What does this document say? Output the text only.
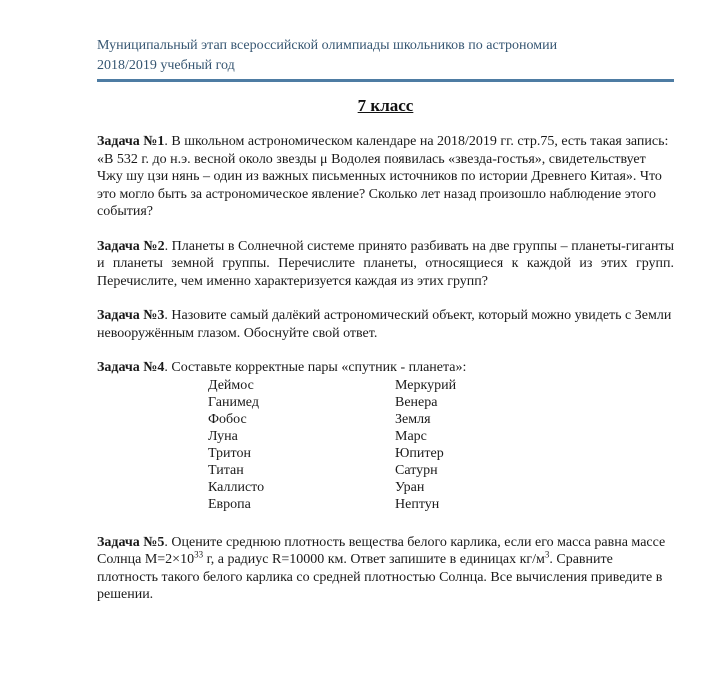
Муниципальный этап всероссийской олимпиады школьников по астрономии
2018/2019 учебный год
7 класс

Задача №1. В школьном астрономическом календаре на 2018/2019 гг. стр.75, есть такая запись: «В 532 г. до н.э. весной около звезды μ Водолея появилась «звезда-гостья», свидетельствует Чжу шу цзи нянь – один из важных письменных источников по истории Древнего Китая». Что это могло быть за астрономическое явление? Сколько лет назад произошло наблюдение этого события?

Задача №2. Планеты в Солнечной системе принято разбивать на две группы – планеты-гиганты и планеты земной группы. Перечислите планеты, относящиеся к каждой из этих групп. Перечислите, чем именно характеризуется каждая из этих групп?

Задача №3. Назовите самый далёкий астрономический объект, который можно увидеть с Земли невооружённым глазом. Обоснуйте свой ответ.

Задача №4. Составьте корректные пары «спутник - планета»:

Деймос	Меркурий
Ганимед	Венера
Фобос	Земля
Луна	Марс
Тритон	Юпитер
Титан	Сатурн
Каллисто	Уран
Европа	Нептун

Задача №5. Оцените среднюю плотность вещества белого карлика, если его масса равна массе Солнца $M=2\times 10^{33}$ г, а радиус R=10000 км. Ответ запишите в единицах $кг/м^3$. Сравните плотность такого белого карлика со средней плотностью Солнца. Все вычисления приведите в решении.
